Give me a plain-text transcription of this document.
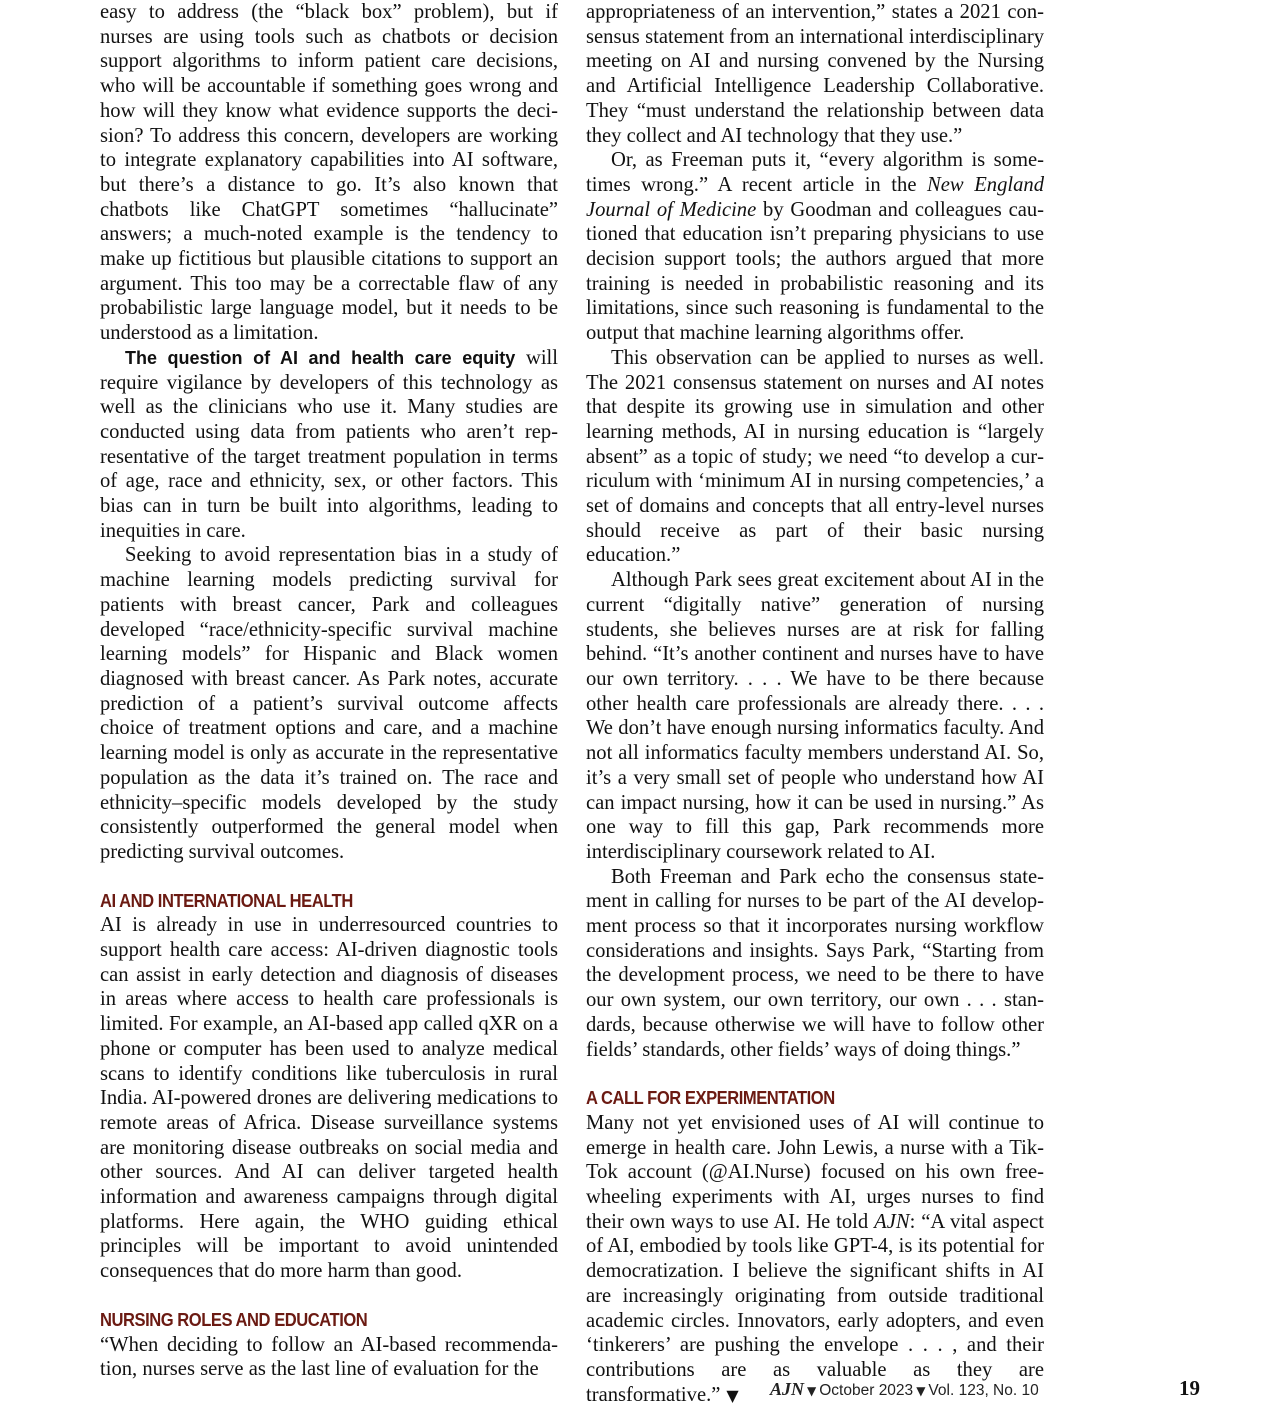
easy to address (the “black box” problem), but if nurses are using tools such as chatbots or decision support algorithms to inform patient care decisions, who will be accountable if something goes wrong and how will they know what evidence supports the decision? To address this concern, developers are working to integrate explanatory capabilities into AI software, but there’s a distance to go. It’s also known that chatbots like ChatGPT sometimes “hallucinate” answers; a much-noted example is the tendency to make up fictitious but plausible citations to support an argument. This too may be a correctable flaw of any probabilistic large language model, but it needs to be understood as a limitation.

The question of AI and health care equity will require vigilance by developers of this technology as well as the clinicians who use it. Many studies are conducted using data from patients who aren’t representative of the target treatment population in terms of age, race and ethnicity, sex, or other factors. This bias can in turn be built into algorithms, leading to inequities in care.

Seeking to avoid representation bias in a study of machine learning models predicting survival for patients with breast cancer, Park and colleagues developed “race/ethnicity-specific survival machine learning models” for Hispanic and Black women diagnosed with breast cancer. As Park notes, accurate prediction of a patient’s survival outcome affects choice of treatment options and care, and a machine learning model is only as accurate in the representative population as the data it’s trained on. The race and ethnicity–specific models developed by the study consistently outperformed the general model when predicting survival outcomes.

AI AND INTERNATIONAL HEALTH

AI is already in use in underresourced countries to support health care access: AI-driven diagnostic tools can assist in early detection and diagnosis of diseases in areas where access to health care professionals is limited. For example, an AI-based app called qXR on a phone or computer has been used to analyze medical scans to identify conditions like tuberculosis in rural India. AI-powered drones are delivering medications to remote areas of Africa. Disease surveillance systems are monitoring disease outbreaks on social media and other sources. And AI can deliver targeted health information and awareness campaigns through digital platforms. Here again, the WHO guiding ethical principles will be important to avoid unintended consequences that do more harm than good.

NURSING ROLES AND EDUCATION

“When deciding to follow an AI-based recommendation, nurses serve as the last line of evaluation for the

appropriateness of an intervention,” states a 2021 consensus statement from an international interdisciplinary meeting on AI and nursing convened by the Nursing and Artificial Intelligence Leadership Collaborative. They “must understand the relationship between data they collect and AI technology that they use.”

Or, as Freeman puts it, “every algorithm is sometimes wrong.” A recent article in the New England Journal of Medicine by Goodman and colleagues cautioned that education isn’t preparing physicians to use decision support tools; the authors argued that more training is needed in probabilistic reasoning and its limitations, since such reasoning is fundamental to the output that machine learning algorithms offer.

This observation can be applied to nurses as well. The 2021 consensus statement on nurses and AI notes that despite its growing use in simulation and other learning methods, AI in nursing education is “largely absent” as a topic of study; we need “to develop a curriculum with ‘minimum AI in nursing competencies,’ a set of domains and concepts that all entry-level nurses should receive as part of their basic nursing education.”

Although Park sees great excitement about AI in the current “digitally native” generation of nursing students, she believes nurses are at risk for falling behind. “It’s another continent and nurses have to have our own territory. . . . We have to be there because other health care professionals are already there. . . . We don’t have enough nursing informatics faculty. And not all informatics faculty members understand AI. So, it’s a very small set of people who understand how AI can impact nursing, how it can be used in nursing.” As one way to fill this gap, Park recommends more interdisciplinary coursework related to AI.

Both Freeman and Park echo the consensus statement in calling for nurses to be part of the AI development process so that it incorporates nursing workflow considerations and insights. Says Park, “Starting from the development process, we need to be there to have our own system, our own territory, our own . . . standards, because otherwise we will have to follow other fields’ standards, other fields’ ways of doing things.”

A CALL FOR EXPERIMENTATION

Many not yet envisioned uses of AI will continue to emerge in health care. John Lewis, a nurse with a TikTok account (@AI.Nurse) focused on his own freewheeling experiments with AI, urges nurses to find their own ways to use AI. He told AJN: “A vital aspect of AI, embodied by tools like GPT-4, is its potential for democratization. I believe the significant shifts in AI are increasingly originating from outside traditional academic circles. Innovators, early adopters, and even ‘tinkerers’ are pushing the envelope . . . , and their contributions are as valuable as they are transformative.” ▼	AJN ▼ October 2023 ▼ Vol. 123, No. 10	19
